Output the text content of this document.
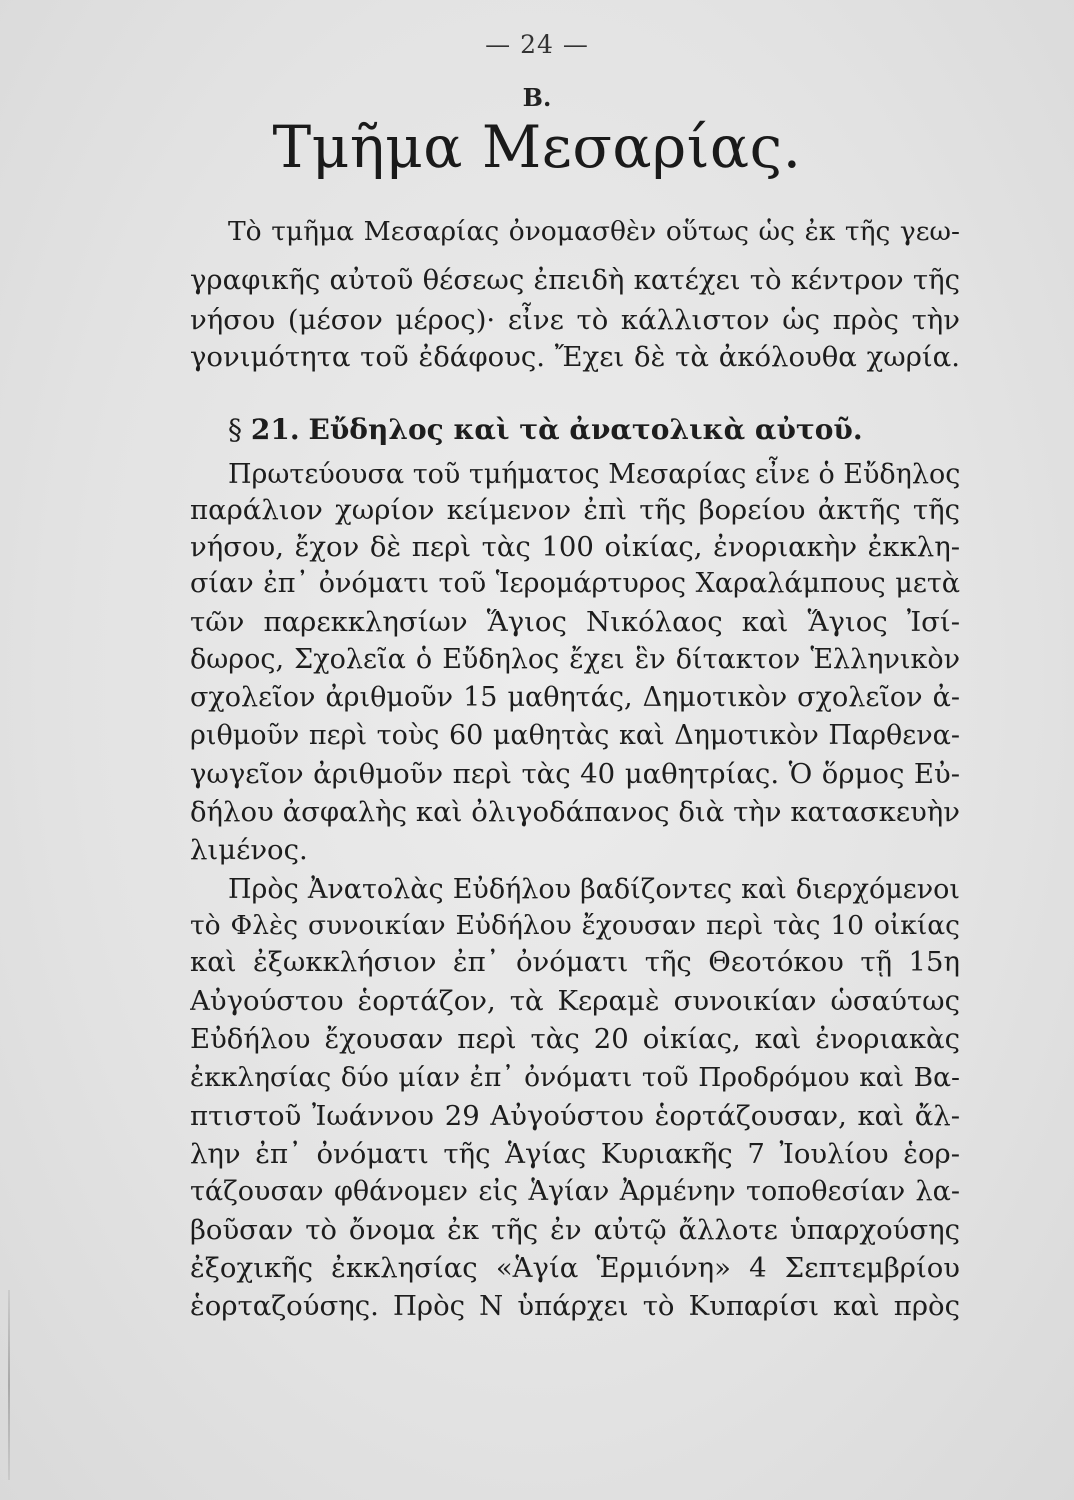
— 24 —
Β.
Τμῆμα Μεσαρίας.
Τὸ τμῆμα Μεσαρίας ὀνομασθὲν οὕτως ὡς ἐκ τῆς γεω-
γραφικῆς αὐτοῦ θέσεως ἐπειδὴ κατέχει τὸ κέντρον τῆς
νήσου (μέσον μέρος)· εἶνε τὸ κάλλιστον ὡς πρὸς τὴν
γονιμότητα τοῦ ἐδάφους. Ἔχει δὲ τὰ ἀκόλουθα χωρία.
§ 21. Εὔδηλος καὶ τὰ ἀνατολικὰ αὐτοῦ.
Πρωτεύουσα τοῦ τμήματος Μεσαρίας εἶνε ὁ Εὔδηλος
παράλιον χωρίον κείμενον ἐπὶ τῆς βορείου ἀκτῆς τῆς
νήσου, ἔχον δὲ περὶ τὰς 100 οἰκίας, ἐνοριακὴν ἐκκλη-
σίαν ἐπ᾽ ὀνόματι τοῦ Ἱερομάρτυρος Χαραλάμπους μετὰ
τῶν παρεκκλησίων Ἅγιος Νικόλαος καὶ Ἅγιος Ἰσί-
δωρος, Σχολεῖα ὁ Εὔδηλος ἔχει ἓν δίτακτον Ἑλληνικὸν
σχολεῖον ἀριθμοῦν 15 μαθητάς, Δημοτικὸν σχολεῖον ἀ-
ριθμοῦν περὶ τοὺς 60 μαθητὰς καὶ Δημοτικὸν Παρθενα-
γωγεῖον ἀριθμοῦν περὶ τὰς 40 μαθητρίας. Ὁ ὅρμος Εὐ-
δήλου ἀσφαλὴς καὶ ὀλιγοδάπανος διὰ τὴν κατασκευὴν
λιμένος.
Πρὸς Ἀνατολὰς Εὐδήλου βαδίζοντες καὶ διερχόμενοι
τὸ Φλὲς συνοικίαν Εὐδήλου ἔχουσαν περὶ τὰς 10 οἰκίας
καὶ ἐξωκκλήσιον ἐπ᾽ ὀνόματι τῆς Θεοτόκου τῇ 15η
Αὐγούστου ἑορτάζον, τὰ Κεραμὲ συνοικίαν ὡσαύτως
Εὐδήλου ἔχουσαν περὶ τὰς 20 οἰκίας, καὶ ἐνοριακὰς
ἐκκλησίας δύο μίαν ἐπ᾽ ὀνόματι τοῦ Προδρόμου καὶ Βα-
πτιστοῦ Ἰωάννου 29 Αὐγούστου ἑορτάζουσαν, καὶ ἄλ-
λην ἐπ᾽ ὀνόματι τῆς Ἁγίας Κυριακῆς 7 Ἰουλίου ἑορ-
τάζουσαν φθάνομεν εἰς Ἁγίαν Ἀρμένην τοποθεσίαν λα-
βοῦσαν τὸ ὄνομα ἐκ τῆς ἐν αὐτῷ ἄλλοτε ὑπαρχούσης
ἐξοχικῆς ἐκκλησίας «Ἁγία Ἑρμιόνη» 4 Σεπτεμβρίου
ἑορταζούσης. Πρὸς Ν ὑπάρχει τὸ Κυπαρίσι καὶ πρὸς
